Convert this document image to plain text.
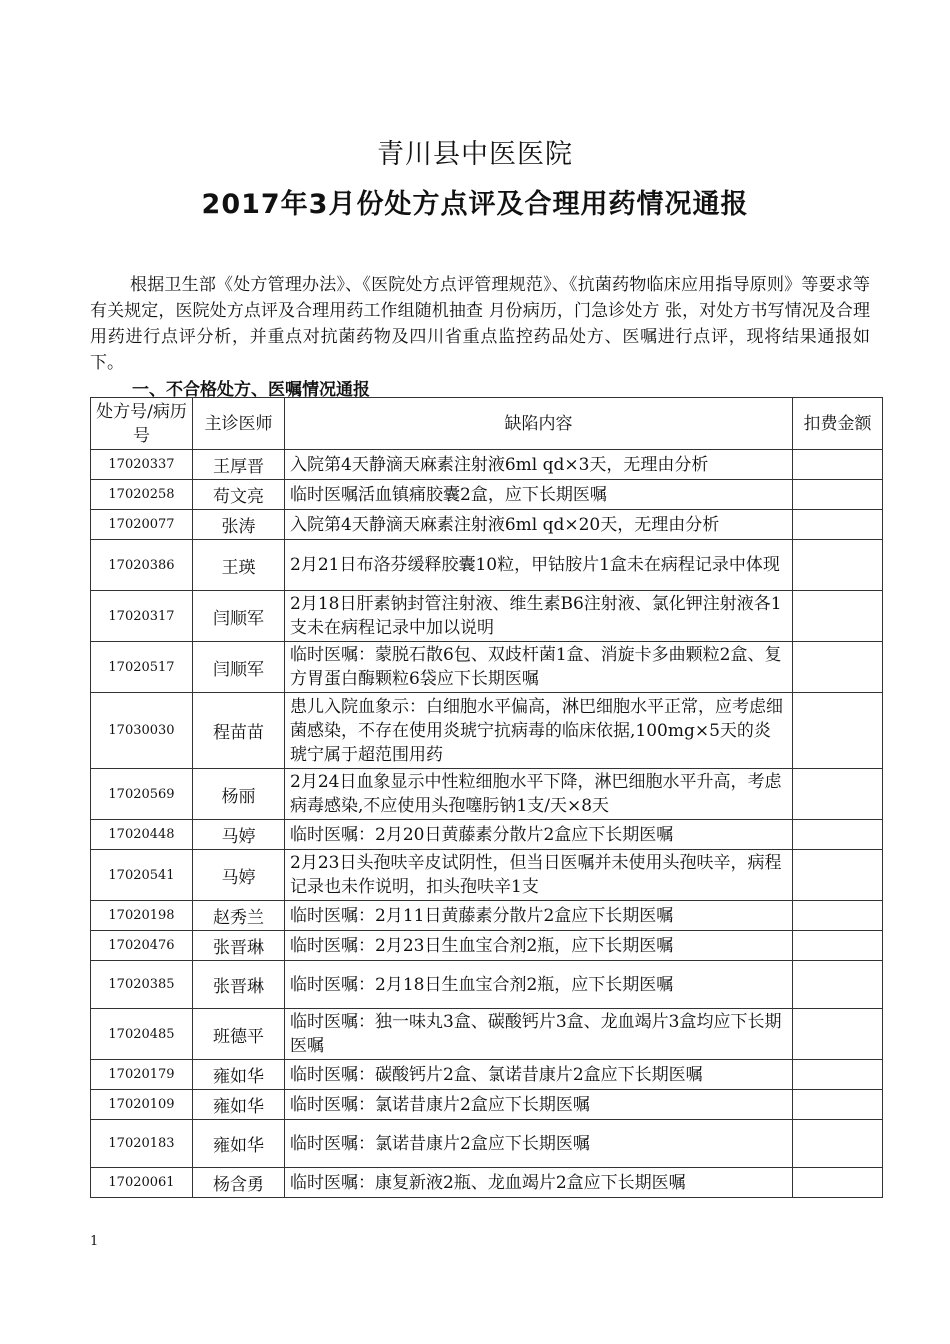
青川县中医医院
2017年3月份处方点评及合理用药情况通报

根据卫生部《处方管理办法》、《医院处方点评管理规范》、《抗菌药物临床应用指导原则》等要求等有关规定，医院处方点评及合理用药工作组随机抽查 月份病历，门急诊处方 张，对处方书写情况及合理用药进行点评分析，并重点对抗菌药物及四川省重点监控药品处方、医嘱进行点评，现将结果通报如下。

一、不合格处方、医嘱情况通报
处方号/病历号	主诊医师	缺陷内容	扣费金额
17020337	王厚晋	入院第4天静滴天麻素注射液6ml qd×3天，无理由分析	
17020258	苟文亮	临时医嘱活血镇痛胶囊2盒，应下长期医嘱	
17020077	张涛	入院第4天静滴天麻素注射液6ml qd×20天，无理由分析	
17020386	王瑛	2月21日布洛芬缓释胶囊10粒，甲钴胺片1盒未在病程记录中体现	
17020317	闫顺军	2月18日肝素钠封管注射液、维生素B6注射液、氯化钾注射液各1支未在病程记录中加以说明	
17020517	闫顺军	临时医嘱：蒙脱石散6包、双歧杆菌1盒、消旋卡多曲颗粒2盒、复方胃蛋白酶颗粒6袋应下长期医嘱	
17030030	程苗苗	患儿入院血象示：白细胞水平偏高，淋巴细胞水平正常，应考虑细菌感染，不存在使用炎琥宁抗病毒的临床依据,100mg×5天的炎琥宁属于超范围用药	
17020569	杨丽	2月24日血象显示中性粒细胞水平下降，淋巴细胞水平升高，考虑病毒感染,不应使用头孢噻肟钠1支/天×8天	
17020448	马婷	临时医嘱：2月20日黄藤素分散片2盒应下长期医嘱	
17020541	马婷	2月23日头孢呋辛皮试阴性，但当日医嘱并未使用头孢呋辛，病程记录也未作说明，扣头孢呋辛1支	
17020198	赵秀兰	临时医嘱：2月11日黄藤素分散片2盒应下长期医嘱	
17020476	张晋琳	临时医嘱：2月23日生血宝合剂2瓶，应下长期医嘱	
17020385	张晋琳	临时医嘱：2月18日生血宝合剂2瓶，应下长期医嘱	
17020485	班德平	临时医嘱：独一味丸3盒、碳酸钙片3盒、龙血竭片3盒均应下长期医嘱	
17020179	雍如华	临时医嘱：碳酸钙片2盒、氯诺昔康片2盒应下长期医嘱	
17020109	雍如华	临时医嘱：氯诺昔康片2盒应下长期医嘱	
17020183	雍如华	临时医嘱：氯诺昔康片2盒应下长期医嘱	
17020061	杨含勇	临时医嘱：康复新液2瓶、龙血竭片2盒应下长期医嘱	
1
